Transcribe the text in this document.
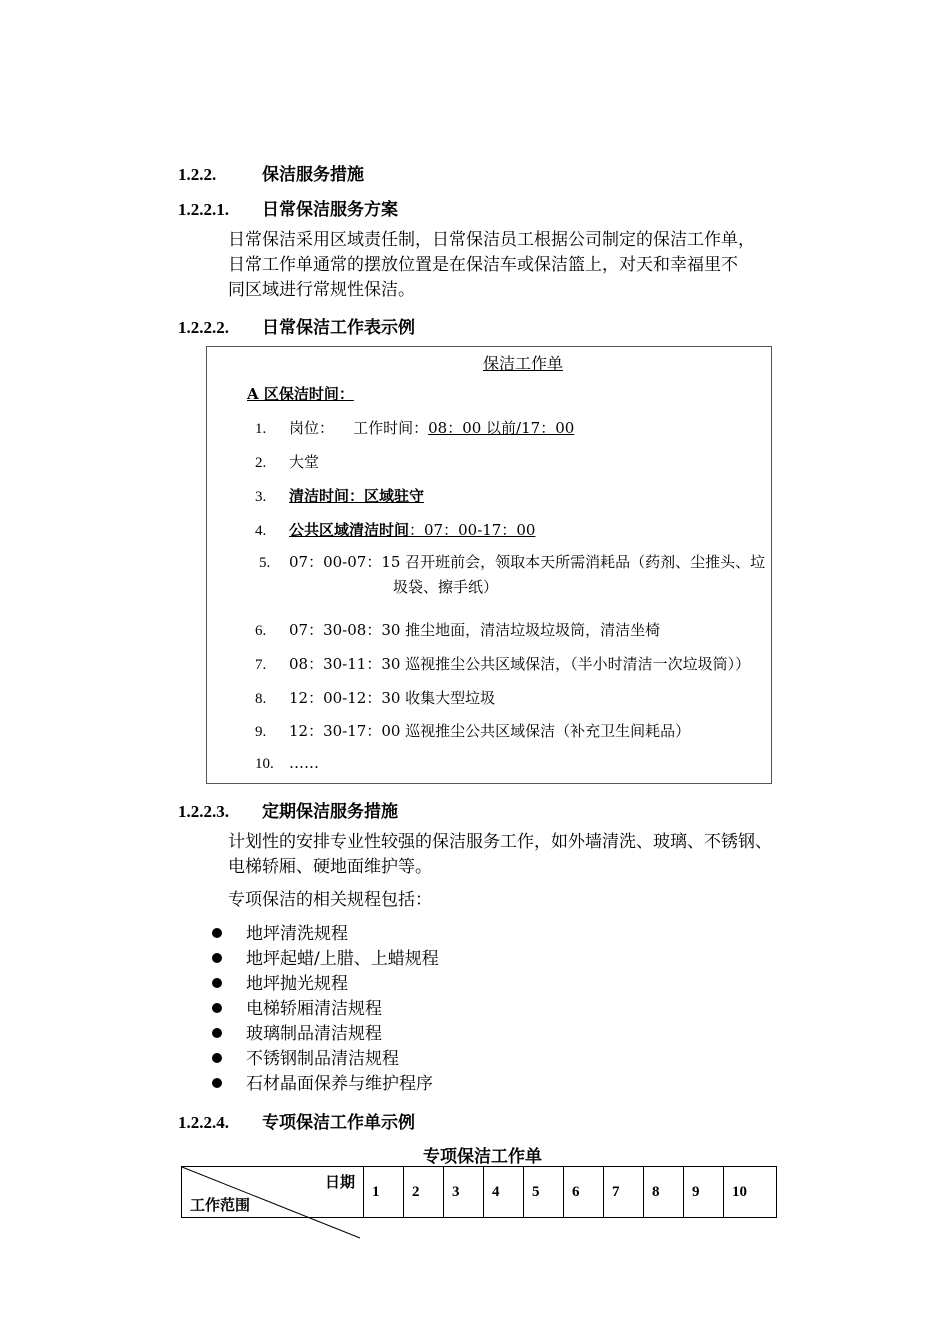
1.2.2.	保洁服务措施
1.2.2.1. 日常保洁服务方案
日常保洁采用区域责任制，日常保洁员工根据公司制定的保洁工作单，
日常工作单通常的摆放位置是在保洁车或保洁篮上，对天和幸福里不
同区域进行常规性保洁。
1.2.2.2. 日常保洁工作表示例
保洁工作单
A 区保洁时间：
1. 岗位： 工作时间：08：00 以前/17：00
2. 大堂
3. 清洁时间：区域驻守
4. 公共区域清洁时间：07：00-17：00
5. 07：00-07：15 召开班前会，领取本天所需消耗品（药剂、尘推头、垃
圾袋、擦手纸）
6. 07：30-08：30 推尘地面，清洁垃圾垃圾筒，清洁坐椅
7. 08：30-11：30 巡视推尘公共区域保洁，（半小时清洁一次垃圾筒））
8. 12：00-12：30 收集大型垃圾
9. 12：30-17：00 巡视推尘公共区域保洁（补充卫生间耗品）
10. ……
1.2.2.3. 定期保洁服务措施
计划性的安排专业性较强的保洁服务工作，如外墙清洗、玻璃、不锈钢、
电梯轿厢、硬地面维护等。
专项保洁的相关规程包括：
地坪清洗规程
地坪起蜡/上腊、上蜡规程
地坪抛光规程
电梯轿厢清洁规程
玻璃制品清洁规程
不锈钢制品清洁规程
石材晶面保养与维护程序
1.2.2.4. 专项保洁工作单示例
专项保洁工作单
日期
工作范围
	1	2	3	4	5	6	7	8	9	10
